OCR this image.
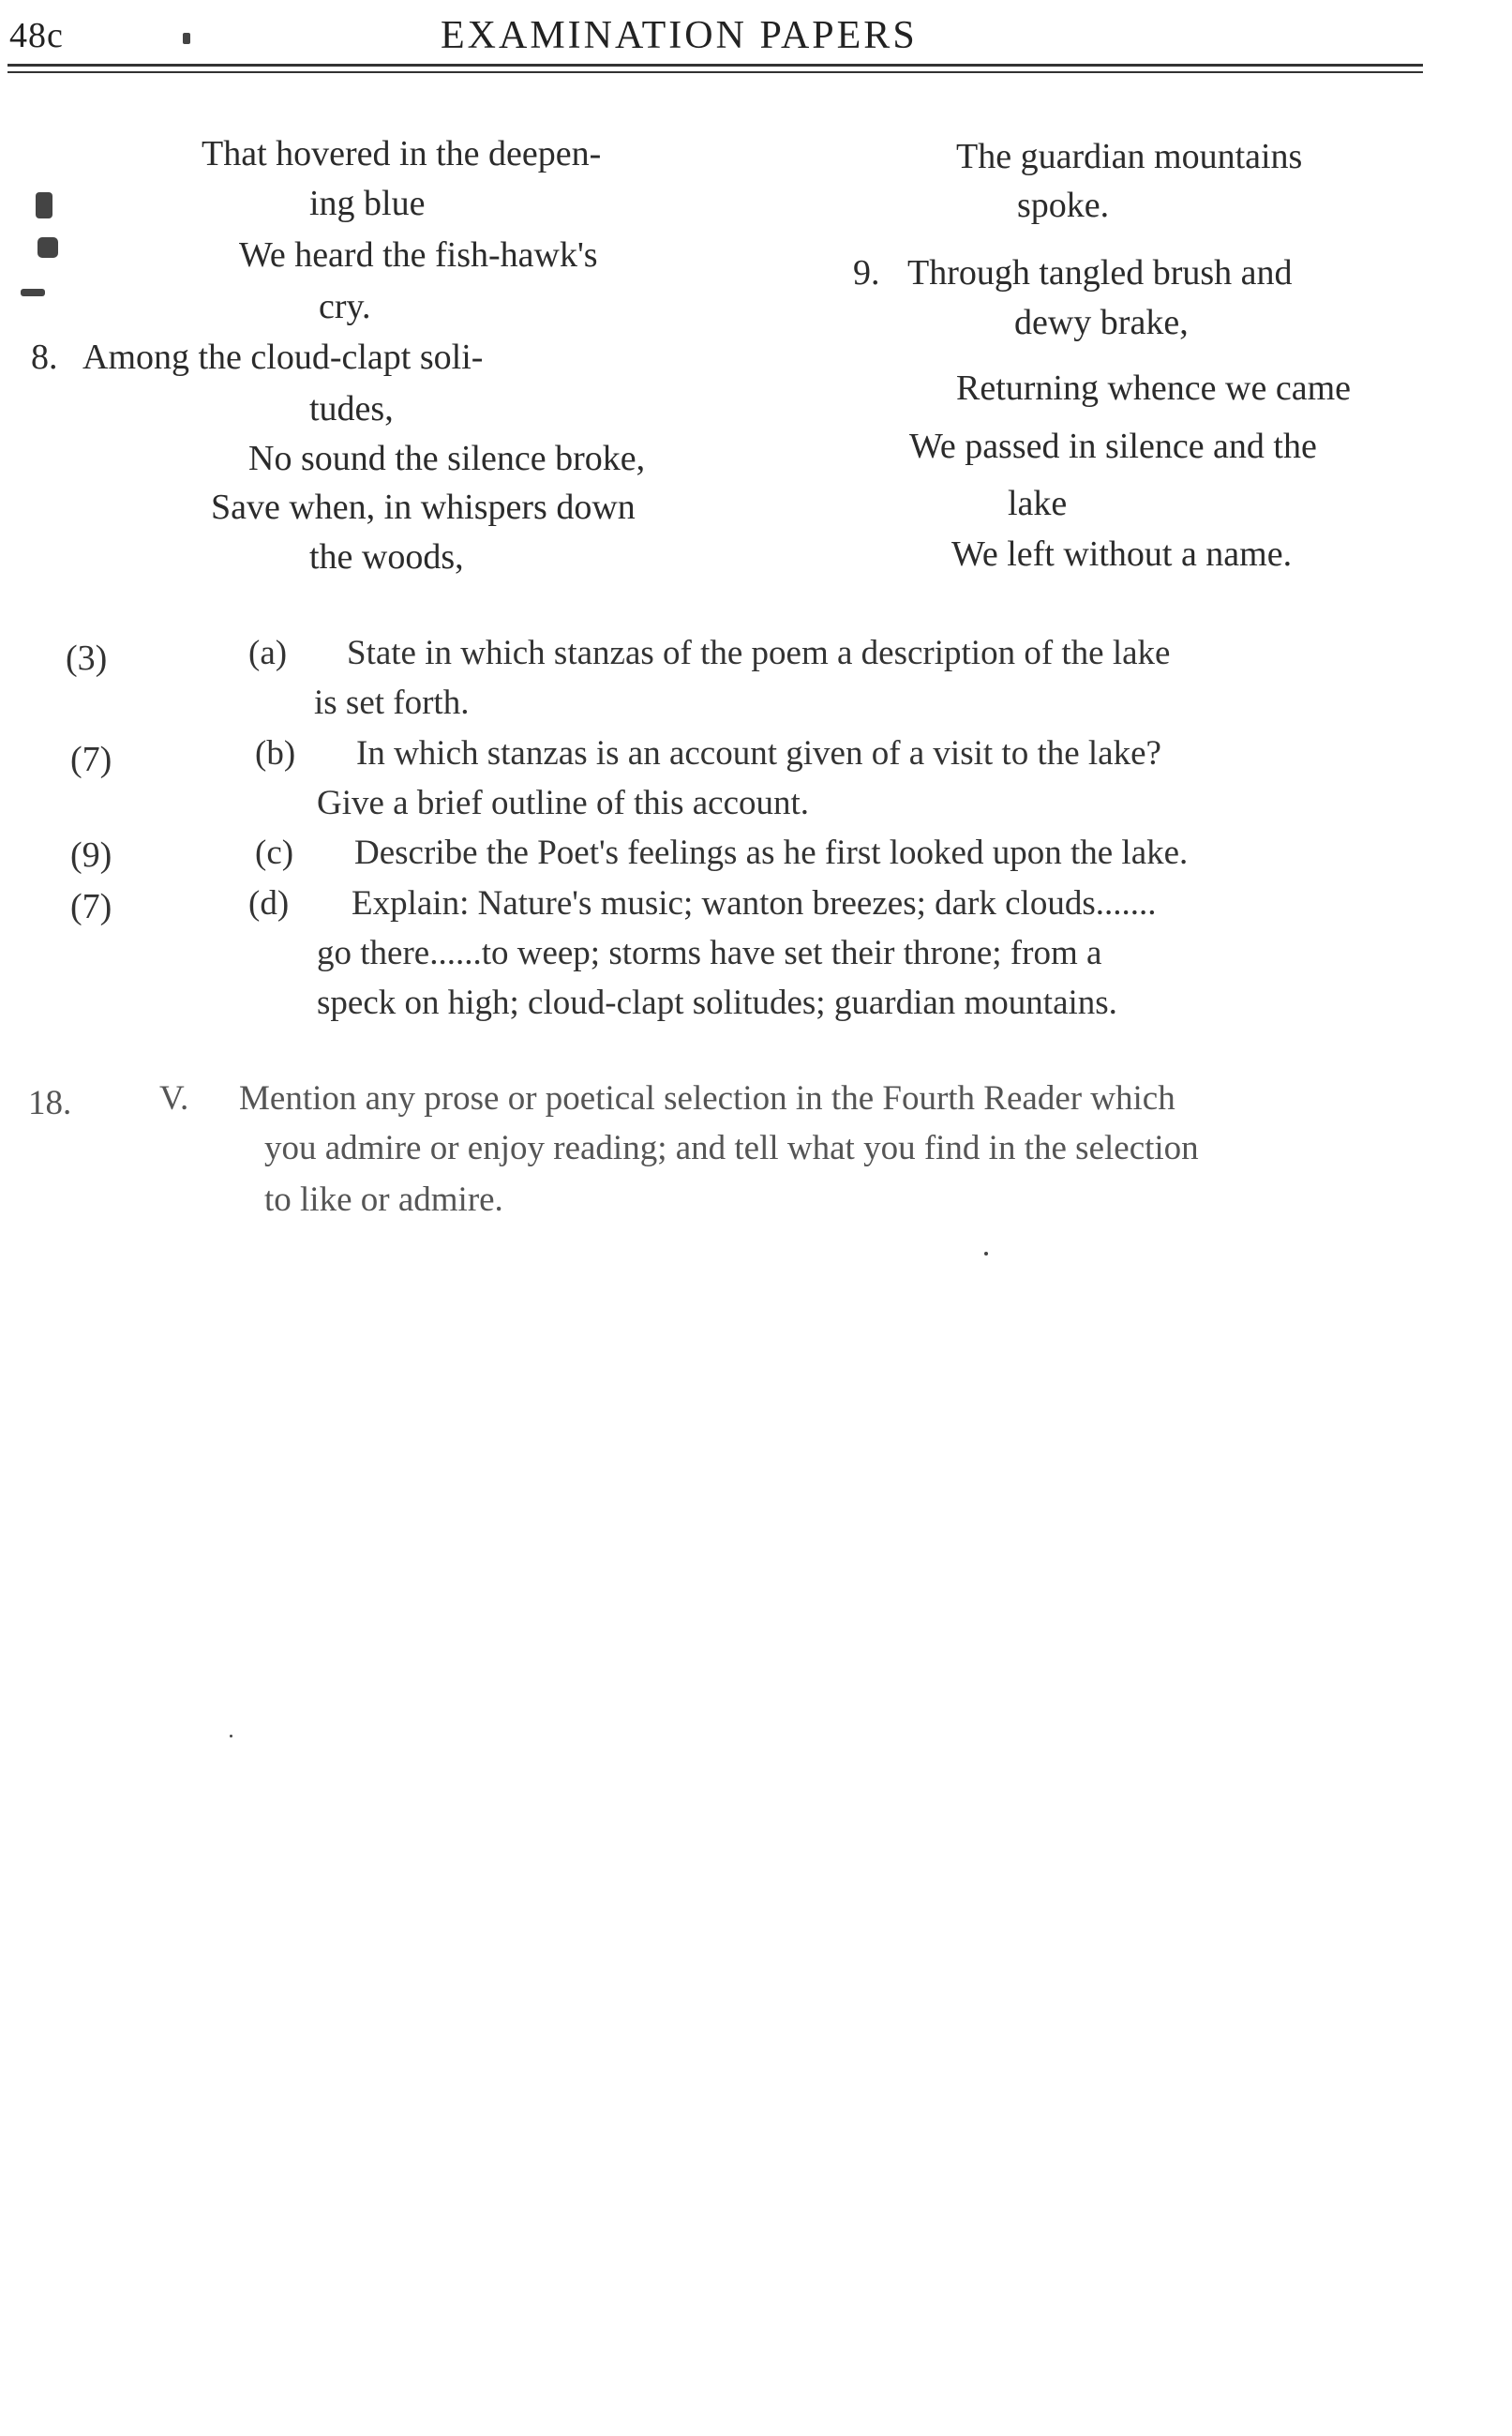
48c	EXAMINATION PAPERS
That hovered in the deepen-
ing blue
We heard the fish-hawk's
cry.
8. Among the cloud-clapt soli-
tudes,
No sound the silence broke,
Save when, in whispers down
the woods,
The guardian mountains
spoke.
9. Through tangled brush and
dewy brake,
Returning whence we came
We passed in silence and the
lake
We left without a name.
(3)	(a) State in which stanzas of the poem a description of the lake
is set forth.
(7)	(b) In which stanzas is an account given of a visit to the lake?
Give a brief outline of this account.
(9)	(c) Describe the Poet's feelings as he first looked upon the lake.
(7)	(d) Explain: Nature's music; wanton breezes; dark clouds.......
go there......to weep; storms have set their throne; from a
speck on high; cloud-clapt solitudes; guardian mountains.
18.	V. Mention any prose or poetical selection in the Fourth Reader which
you admire or enjoy reading; and tell what you find in the selection
to like or admire.
